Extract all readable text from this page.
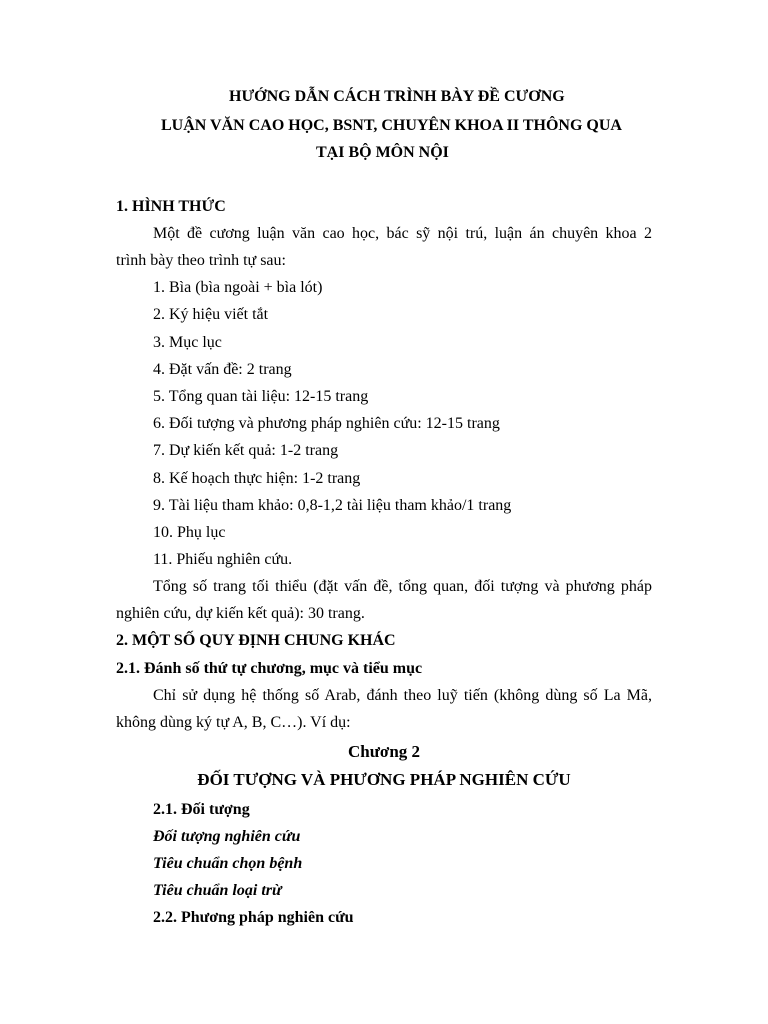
HƯỚNG DẪN CÁCH TRÌNH BÀY ĐỀ CƯƠNG
LUẬN VĂN CAO HỌC, BSNT, CHUYÊN KHOA II THÔNG QUA
TẠI BỘ MÔN NỘI
1. HÌNH THỨC
Một đề cương luận văn cao học, bác sỹ nội trú, luận án chuyên khoa 2
trình bày theo trình tự sau:
1. Bìa (bìa ngoài + bìa lót)
2. Ký hiệu viết tắt
3. Mục lục
4. Đặt vấn đề: 2 trang
5. Tổng quan tài liệu: 12-15 trang
6. Đối tượng và phương pháp nghiên cứu: 12-15 trang
7. Dự kiến kết quả: 1-2 trang
8. Kế hoạch thực hiện: 1-2 trang
9. Tài liệu tham khảo: 0,8-1,2 tài liệu tham khảo/1 trang
10. Phụ lục
11. Phiếu nghiên cứu.
Tổng số trang tối thiểu (đặt vấn đề, tổng quan, đối tượng và phương pháp
nghiên cứu, dự kiến kết quả): 30 trang.
2. MỘT SỐ QUY ĐỊNH CHUNG KHÁC
2.1. Đánh số thứ tự chương, mục và tiểu mục
Chỉ sử dụng hệ thống số Arab, đánh theo luỹ tiến (không dùng số La Mã,
không dùng ký tự A, B, C…). Ví dụ:
Chương 2
ĐỐI TƯỢNG VÀ PHƯƠNG PHÁP NGHIÊN CỨU
2.1. Đối tượng
Đối tượng nghiên cứu
Tiêu chuẩn chọn bệnh
Tiêu chuẩn loại trừ
2.2. Phương pháp nghiên cứu
